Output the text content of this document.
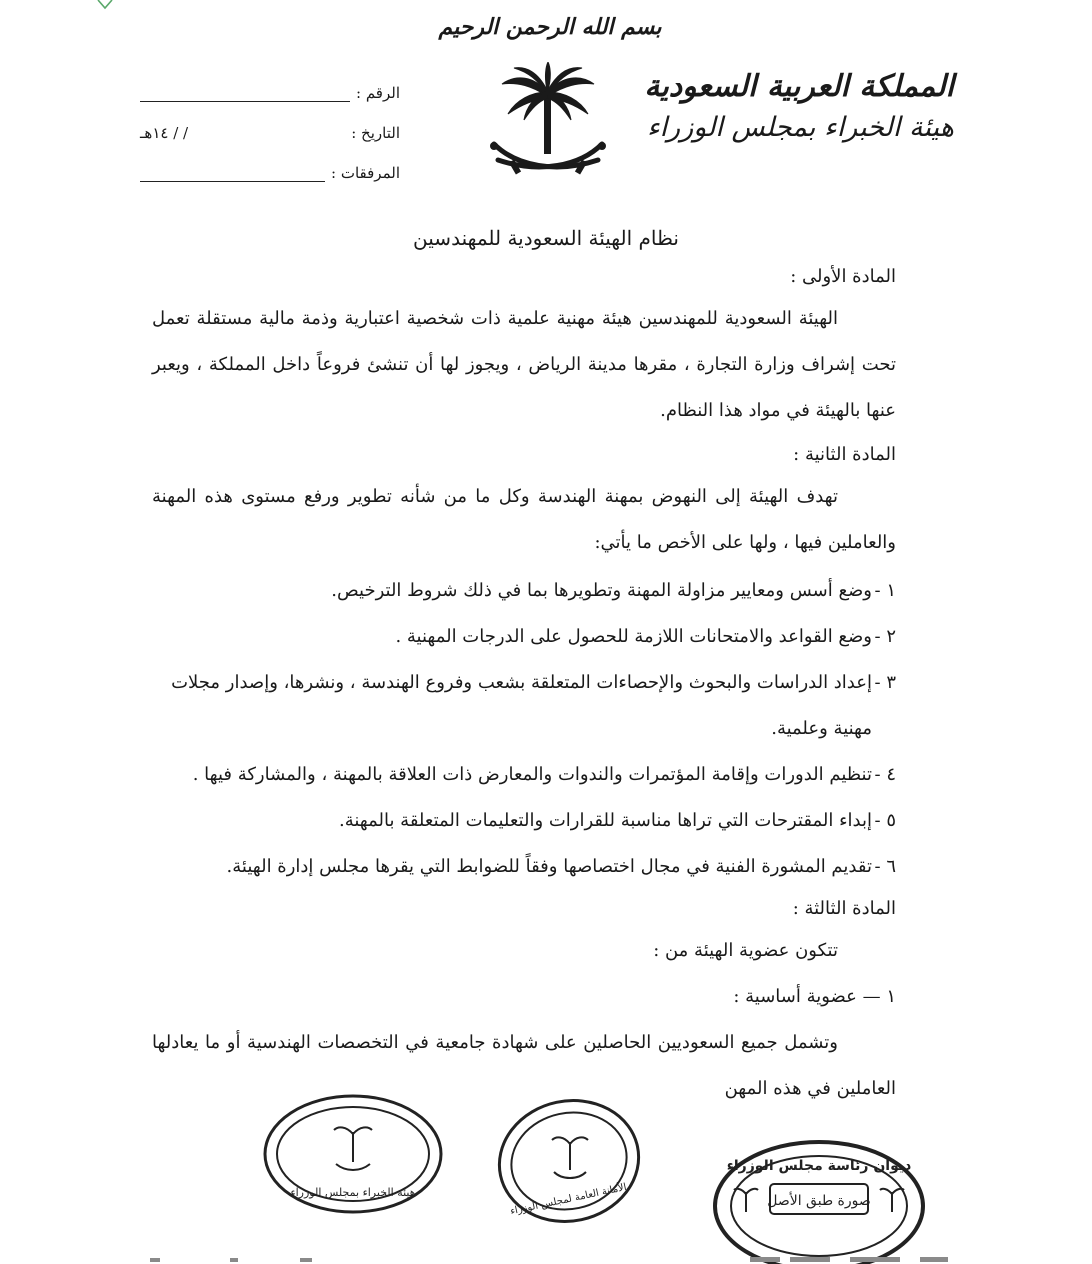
بسم الله الرحمن الرحيم
المملكة العربية السعودية
هيئة الخبراء بمجلس الوزراء
الرقم :
التاريخ :
١٤هـ / /
المرفقات :
نظام الهيئة السعودية للمهندسين
المادة الأولى :
الهيئة السعودية للمهندسين هيئة مهنية علمية ذات شخصية اعتبارية وذمة مالية مستقلة تعمل تحت إشراف وزارة التجارة ، مقرها مدينة الرياض ، ويجوز لها أن تنشئ فروعاً داخل المملكة ، ويعبر عنها بالهيئة في مواد هذا النظام.
المادة الثانية :
تهدف الهيئة إلى النهوض بمهنة الهندسة وكل ما من شأنه تطوير ورفع مستوى هذه المهنة والعاملين فيها ، ولها على الأخص ما يأتي:
١ -وضع أسس ومعايير مزاولة المهنة وتطويرها بما في ذلك شروط الترخيص.
٢ -وضع القواعد والامتحانات اللازمة للحصول على الدرجات المهنية .
٣ -إعداد الدراسات والبحوث والإحصاءات المتعلقة بشعب وفروع الهندسة ، ونشرها، وإصدار مجلات مهنية وعلمية.
٤ -تنظيم الدورات وإقامة المؤتمرات والندوات والمعارض ذات العلاقة بالمهنة ، والمشاركة فيها .
٥ -إبداء المقترحات التي تراها مناسبة للقرارات والتعليمات المتعلقة بالمهنة.
٦ -تقديم المشورة الفنية في مجال اختصاصها وفقاً للضوابط التي يقرها مجلس إدارة الهيئة.
المادة الثالثة :
تتكون عضوية الهيئة من :
١ — عضوية أساسية :
وتشمل جميع السعوديين الحاصلين على شهادة جامعية في التخصصات الهندسية أو ما يعادلها العاملين في هذه المهن
هيئة الخبراء بمجلس الوزراء	الأمانة العامة لمجلس الوزراء
ديوان رئاسة مجلس الوزراء
صورة طبق الأصل
